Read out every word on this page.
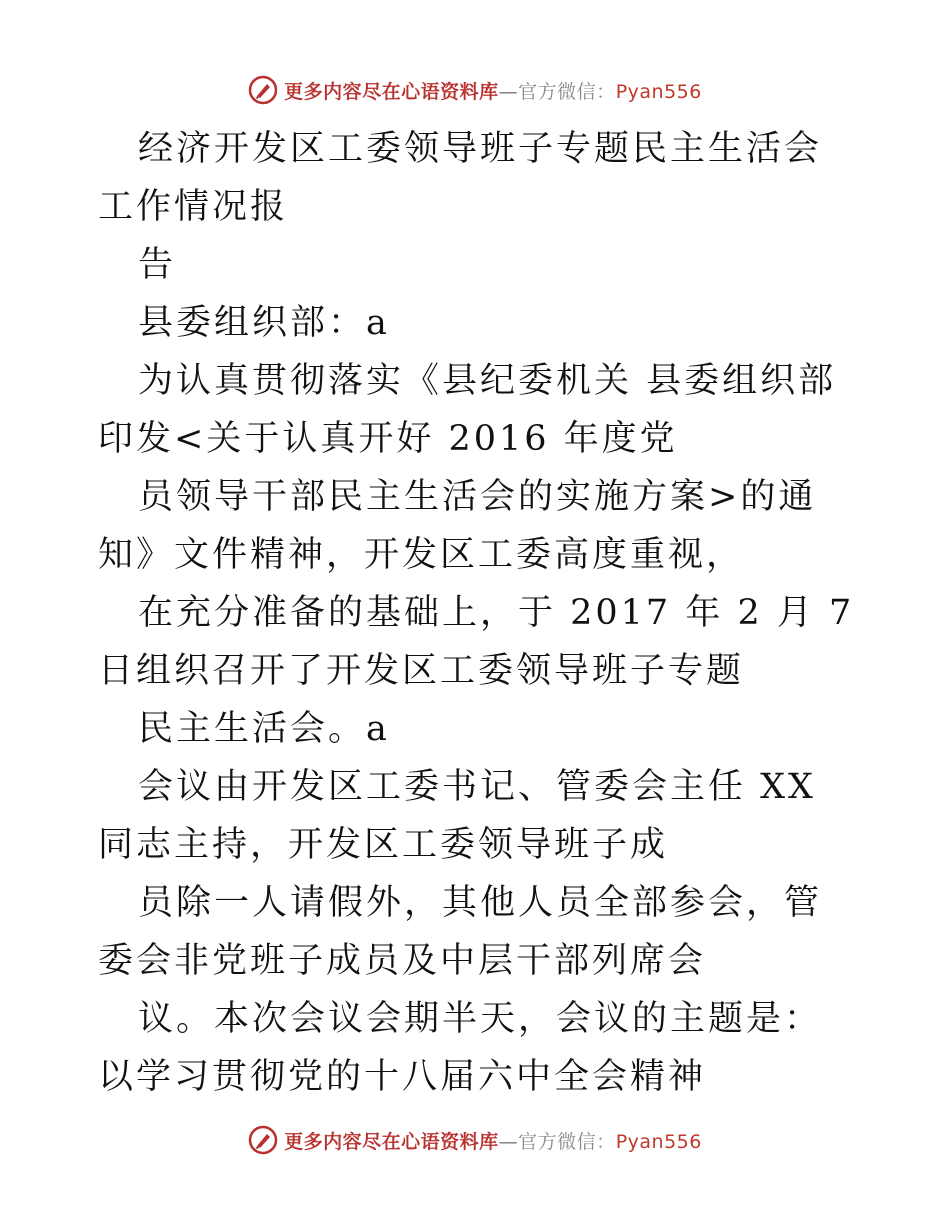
更多内容尽在心语资料库—官方微信：Pyan556

经济开发区工委领导班子专题民主生活会工作情况报

告

县委组织部：a

为认真贯彻落实《县纪委机关 县委组织部印发<关于认真开好 2016 年度党

员领导干部民主生活会的实施方案>的通知》文件精神，开发区工委高度重视，

在充分准备的基础上，于 2017 年 2 月 7 日组织召开了开发区工委领导班子专题

民主生活会。a

会议由开发区工委书记、管委会主任 XX 同志主持，开发区工委领导班子成

员除一人请假外，其他人员全部参会，管委会非党班子成员及中层干部列席会

议。本次会议会期半天，会议的主题是：以学习贯彻党的十八届六中全会精神

更多内容尽在心语资料库—官方微信：Pyan556
